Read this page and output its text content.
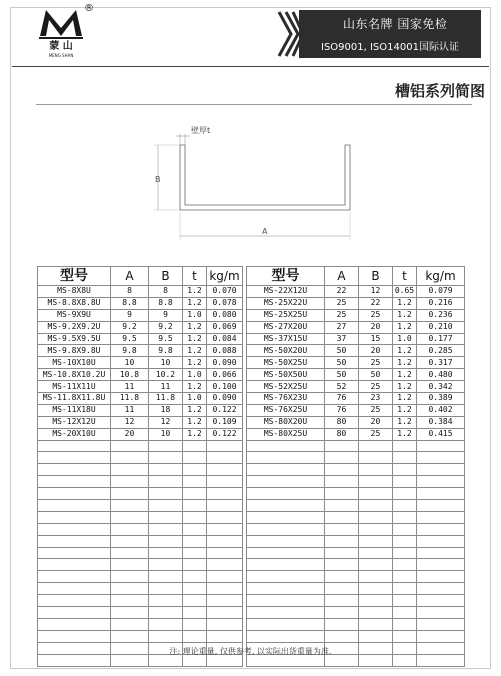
蒙 山
MENG SHAN
®
山东名牌 国家免检
ISO9001, ISO14001国际认证
槽铝系列简图
壁厚t
B
A
型号	A	B	t	kg/m		型号	A	B	t	kg/m
MS-8X8U	8	8	1.2	0.070		MS-22X12U	22	12	0.65	0.079
MS-8.8X8.8U	8.8	8.8	1.2	0.078		MS-25X22U	25	22	1.2	0.216
MS-9X9U	9	9	1.0	0.080		MS-25X25U	25	25	1.2	0.236
MS-9.2X9.2U	9.2	9.2	1.2	0.069		MS-27X20U	27	20	1.2	0.210
MS-9.5X9.5U	9.5	9.5	1.2	0.084		MS-37X15U	37	15	1.0	0.177
MS-9.8X9.8U	9.8	9.8	1.2	0.088		MS-50X20U	50	20	1.2	0.285
MS-10X10U	10	10	1.2	0.090		MS-50X25U	50	25	1.2	0.317
MS-10.8X10.2U	10.8	10.2	1.0	0.066		MS-50X50U	50	50	1.2	0.480
MS-11X11U	11	11	1.2	0.100		MS-52X25U	52	25	1.2	0.342
MS-11.8X11.8U	11.8	11.8	1.0	0.090		MS-76X23U	76	23	1.2	0.389
MS-11X18U	11	18	1.2	0.122		MS-76X25U	76	25	1.2	0.402
MS-12X12U	12	12	1.2	0.109		MS-80X20U	80	20	1.2	0.384
MS-20X10U	20	10	1.2	0.122		MS-80X25U	80	25	1.2	0.415

注: 理论重量, 仅供参考, 以实际出货重量为准.
